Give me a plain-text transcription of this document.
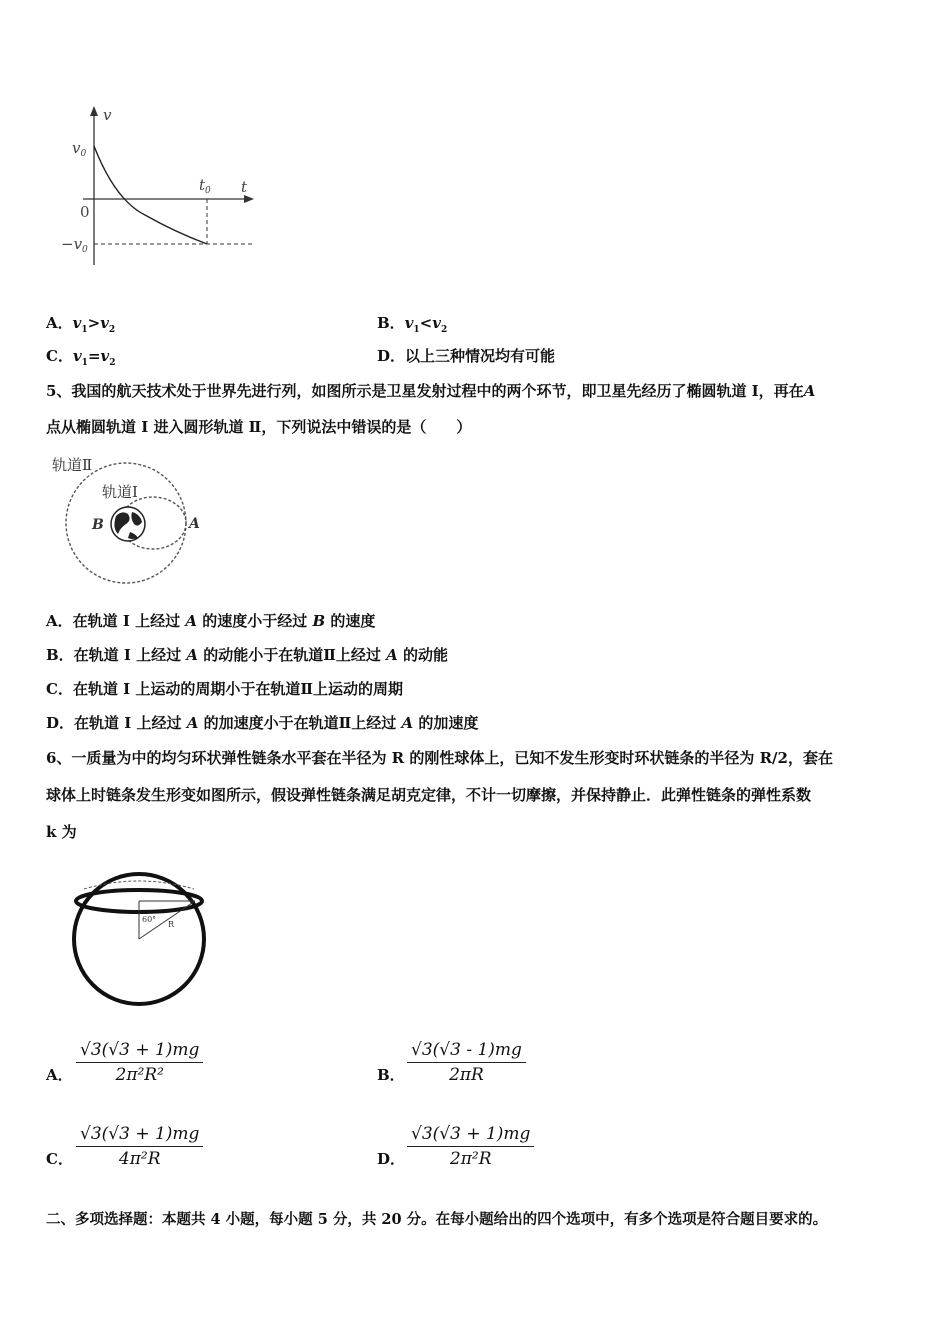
v
t
$v_0$
$-v_0$
$t_0$
0
A．$v_1>v_2$	B．$v_1<v_2$
C．$v_1=v_2$	D．以上三种情况均有可能
5、我国的航天技术处于世界先进行列，如图所示是卫星发射过程中的两个环节，即卫星先经历了椭圆轨道 I，再在A
点从椭圆轨道 I 进入圆形轨道 Ⅱ，下列说法中错误的是（　　）
轨道Ⅱ
轨道Ⅰ
B	A
A．在轨道 I 上经过 A 的速度小于经过 B 的速度
B．在轨道 I 上经过 A 的动能小于在轨道Ⅱ上经过 A 的动能
C．在轨道 I 上运动的周期小于在轨道Ⅱ上运动的周期
D．在轨道 I 上经过 A 的加速度小于在轨道Ⅱ上经过 A 的加速度
6、一质量为中的均匀环状弹性链条水平套在半径为 R 的刚性球体上，已知不发生形变时环状链条的半径为 R/2，套在
球体上时链条发生形变如图所示，假设弹性链条满足胡克定律，不计一切摩擦，并保持静止．此弹性链条的弹性系数
k 为
60°
R
A． $\frac{√3(√3 + 1)mg}{\text{2π²R²}}$	B． $\frac{√3(√3 - 1)mg}{2\pi R}$
C． $\frac{√3(√3 + 1)mg}{\text{4π²R}}$	D． $\frac{√3(√3 + 1)mg}{\text{2π²R}}$
二、多项选择题：本题共 4 小题，每小题 5 分，共 20 分。在每小题给出的四个选项中，有多个选项是符合题目要求的。
